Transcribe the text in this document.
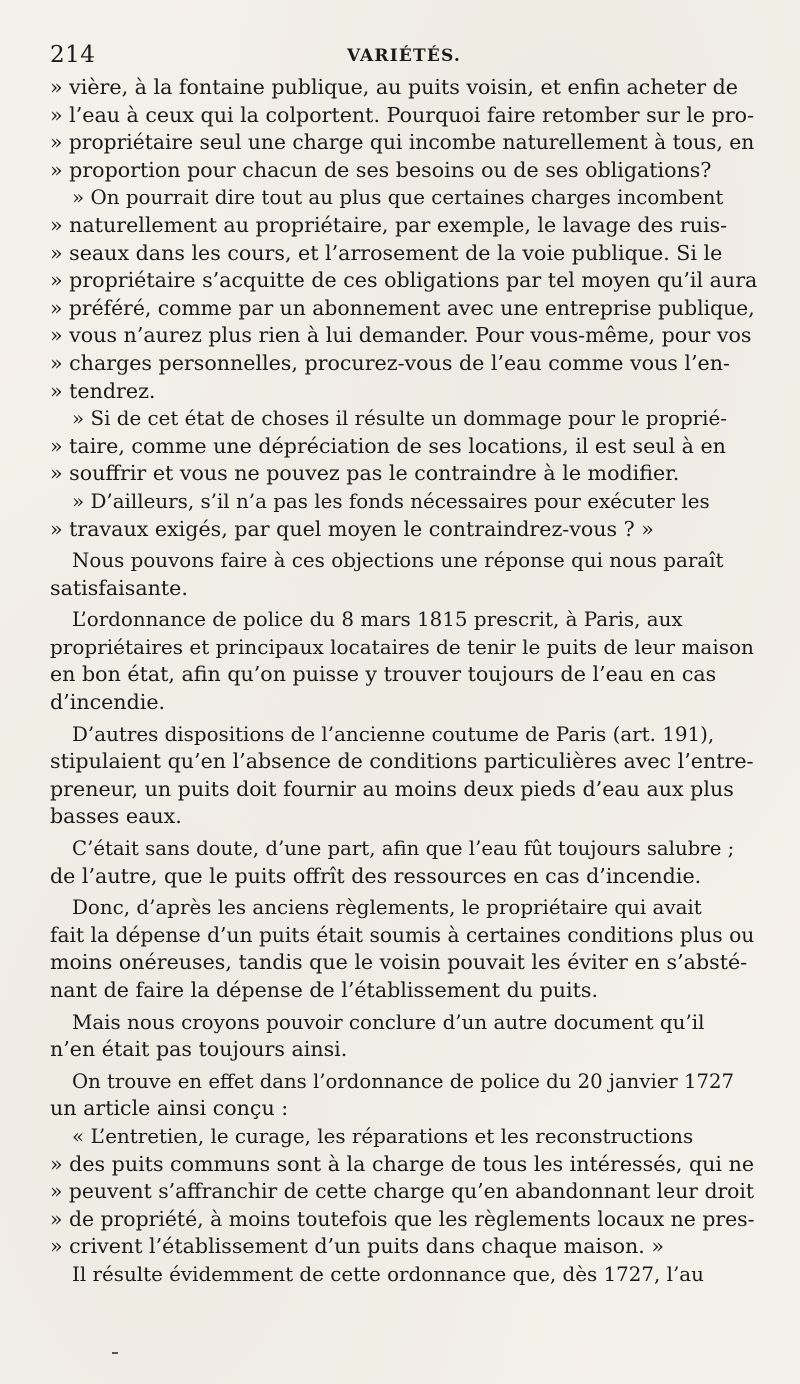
214	VARIÉTÉS.
» vière, à la fontaine publique, au puits voisin, et enfin acheter de
» l’eau à ceux qui la colportent. Pourquoi faire retomber sur le pro-
» propriétaire seul une charge qui incombe naturellement à tous, en
» proportion pour chacun de ses besoins ou de ses obligations?
» On pourrait dire tout au plus que certaines charges incombent
» naturellement au propriétaire, par exemple, le lavage des ruis-
» seaux dans les cours, et l’arrosement de la voie publique. Si le
» propriétaire s’acquitte de ces obligations par tel moyen qu’il aura
» préféré, comme par un abonnement avec une entreprise publique,
» vous n’aurez plus rien à lui demander. Pour vous-même, pour vos
» charges personnelles, procurez-vous de l’eau comme vous l’en-
» tendrez.
» Si de cet état de choses il résulte un dommage pour le proprié-
» taire, comme une dépréciation de ses locations, il est seul à en
» souffrir et vous ne pouvez pas le contraindre à le modifier.
» D’ailleurs, s’il n’a pas les fonds nécessaires pour exécuter les
» travaux exigés, par quel moyen le contraindrez-vous ? »
Nous pouvons faire à ces objections une réponse qui nous paraît
satisfaisante.
L’ordonnance de police du 8 mars 1815 prescrit, à Paris, aux
propriétaires et principaux locataires de tenir le puits de leur maison
en bon état, afin qu’on puisse y trouver toujours de l’eau en cas
d’incendie.
D’autres dispositions de l’ancienne coutume de Paris (art. 191),
stipulaient qu’en l’absence de conditions particulières avec l’entre-
preneur, un puits doit fournir au moins deux pieds d’eau aux plus
basses eaux.
C’était sans doute, d’une part, afin que l’eau fût toujours salubre ;
de l’autre, que le puits offrît des ressources en cas d’incendie.
Donc, d’après les anciens règlements, le propriétaire qui avait
fait la dépense d’un puits était soumis à certaines conditions plus ou
moins onéreuses, tandis que le voisin pouvait les éviter en s’absté-
nant de faire la dépense de l’établissement du puits.
Mais nous croyons pouvoir conclure d’un autre document qu’il
n’en était pas toujours ainsi.
On trouve en effet dans l’ordonnance de police du 20 janvier 1727
un article ainsi conçu :
« L’entretien, le curage, les réparations et les reconstructions
» des puits communs sont à la charge de tous les intéressés, qui ne
» peuvent s’affranchir de cette charge qu’en abandonnant leur droit
» de propriété, à moins toutefois que les règlements locaux ne pres-
» crivent l’établissement d’un puits dans chaque maison. »
Il résulte évidemment de cette ordonnance que, dès 1727, l’au
